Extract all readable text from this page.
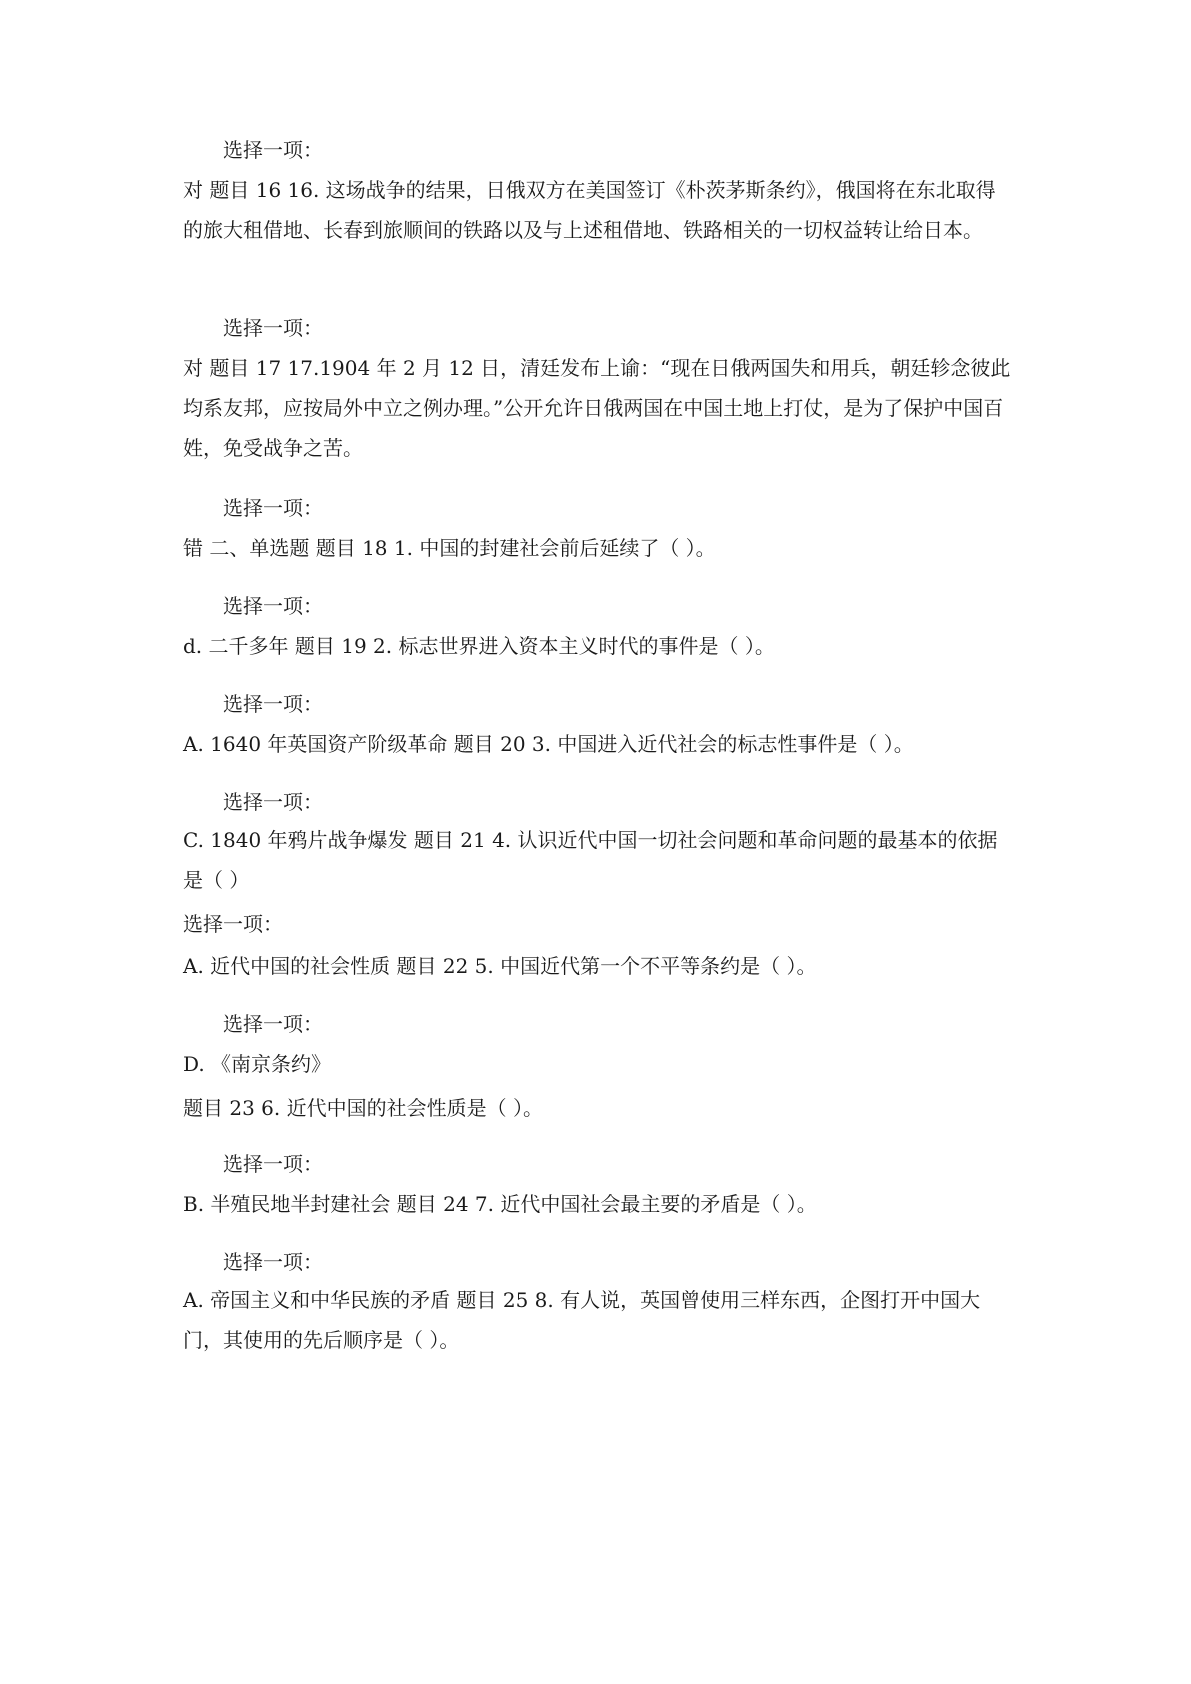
选择一项：
对 题目 16 16. 这场战争的结果，日俄双方在美国签订《朴茨茅斯条约》，俄国将在东北取得的旅大租借地、长春到旅顺间的铁路以及与上述租借地、铁路相关的一切权益转让给日本。
选择一项：
对 题目 17 17.1904 年 2 月 12 日，清廷发布上谕：“现在日俄两国失和用兵，朝廷轸念彼此均系友邦，应按局外中立之例办理。”公开允许日俄两国在中国土地上打仗，是为了保护中国百姓，免受战争之苦。
选择一项：
错 二、单选题 题目 18 1. 中国的封建社会前后延续了（ ）。
选择一项：
d. 二千多年 题目 19 2. 标志世界进入资本主义时代的事件是（ ）。
选择一项：
A. 1640 年英国资产阶级革命 题目 20 3. 中国进入近代社会的标志性事件是（ ）。
选择一项：
C. 1840 年鸦片战争爆发 题目 21 4. 认识近代中国一切社会问题和革命问题的最基本的依据是（ ）
选择一项：
A. 近代中国的社会性质 题目 22 5. 中国近代第一个不平等条约是（ ）。
选择一项：
D. 《南京条约》
题目 23 6. 近代中国的社会性质是（ ）。
选择一项：
B. 半殖民地半封建社会 题目 24 7. 近代中国社会最主要的矛盾是（ ）。
选择一项：
A. 帝国主义和中华民族的矛盾 题目 25 8. 有人说，英国曾使用三样东西，企图打开中国大门，其使用的先后顺序是（ ）。
